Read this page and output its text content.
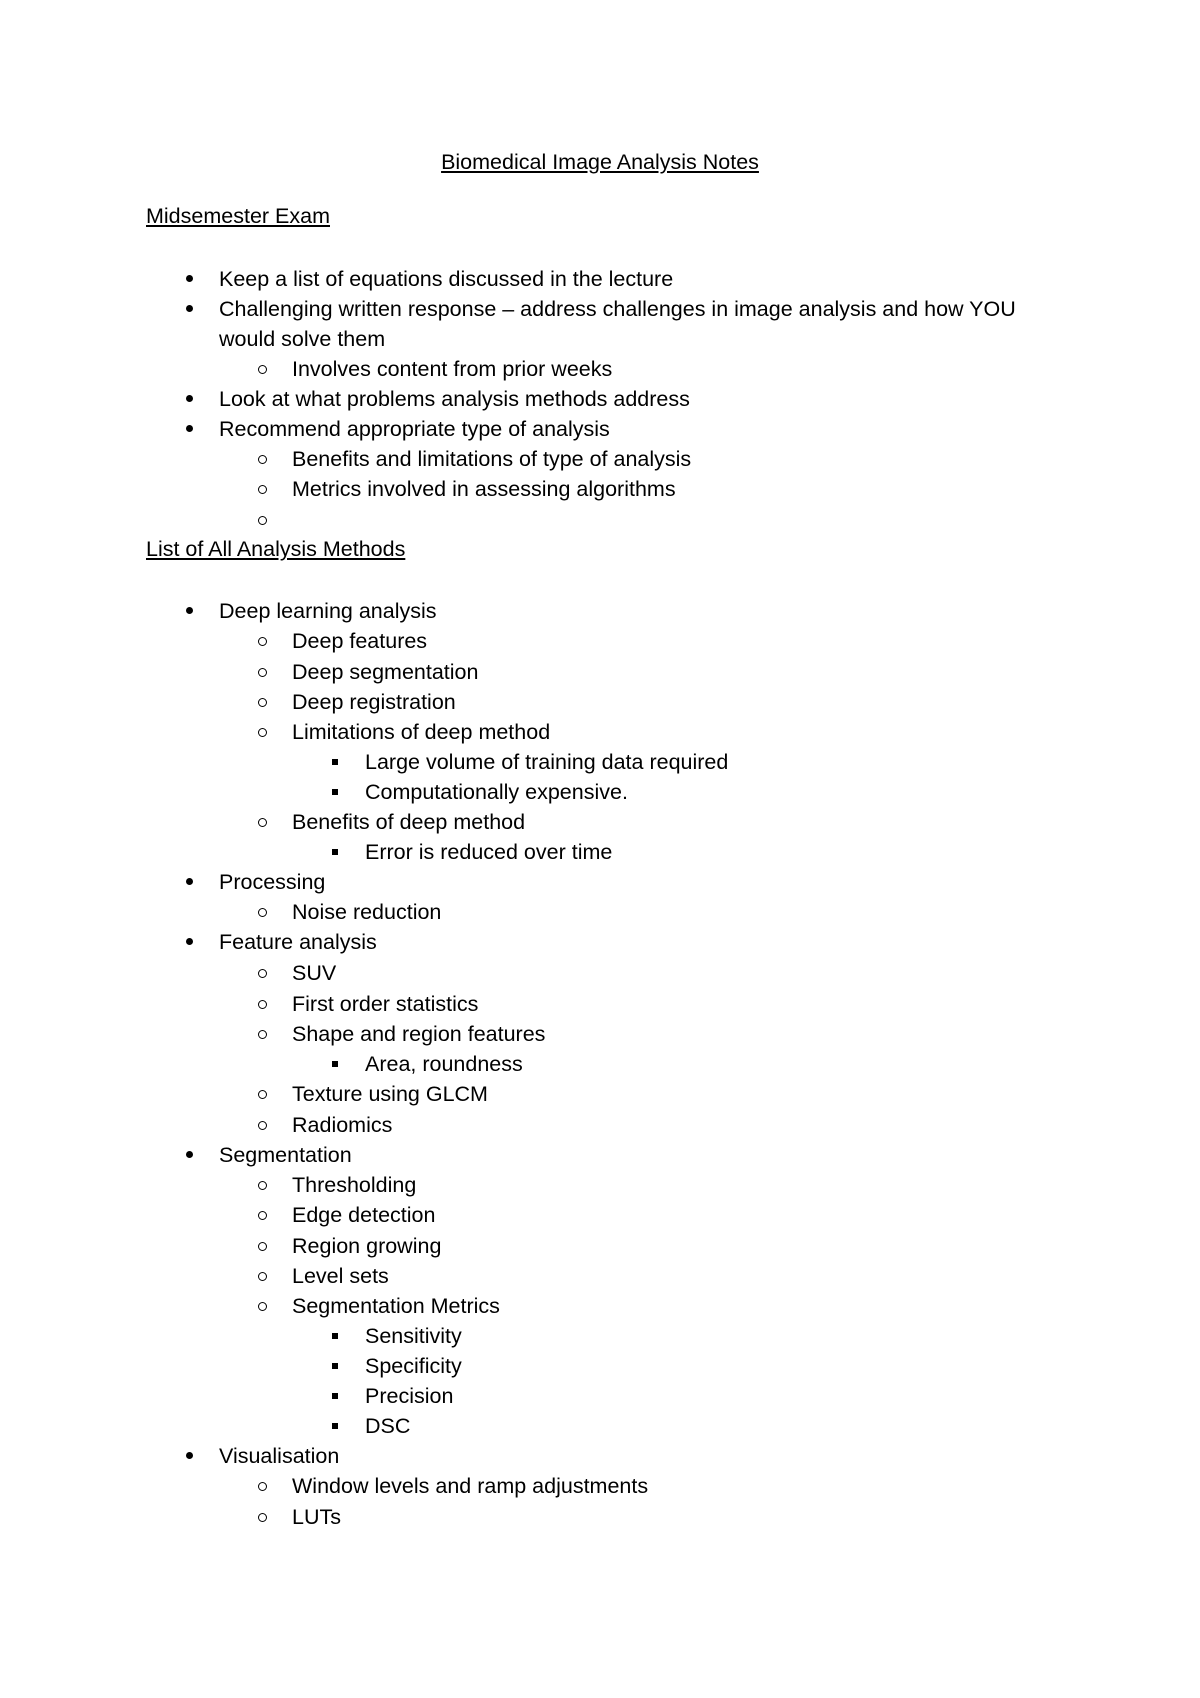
Biomedical Image Analysis Notes
Midsemester Exam
Keep a list of equations discussed in the lecture
Challenging written response – address challenges in image analysis and how YOU
would solve them
Involves content from prior weeks
Look at what problems analysis methods address
Recommend appropriate type of analysis
Benefits and limitations of type of analysis
Metrics involved in assessing algorithms
List of All Analysis Methods
Deep learning analysis
Deep features
Deep segmentation
Deep registration
Limitations of deep method
Large volume of training data required
Computationally expensive.
Benefits of deep method
Error is reduced over time
Processing
Noise reduction
Feature analysis
SUV
First order statistics
Shape and region features
Area, roundness
Texture using GLCM
Radiomics
Segmentation
Thresholding
Edge detection
Region growing
Level sets
Segmentation Metrics
Sensitivity
Specificity
Precision
DSC
Visualisation
Window levels and ramp adjustments
LUTs
